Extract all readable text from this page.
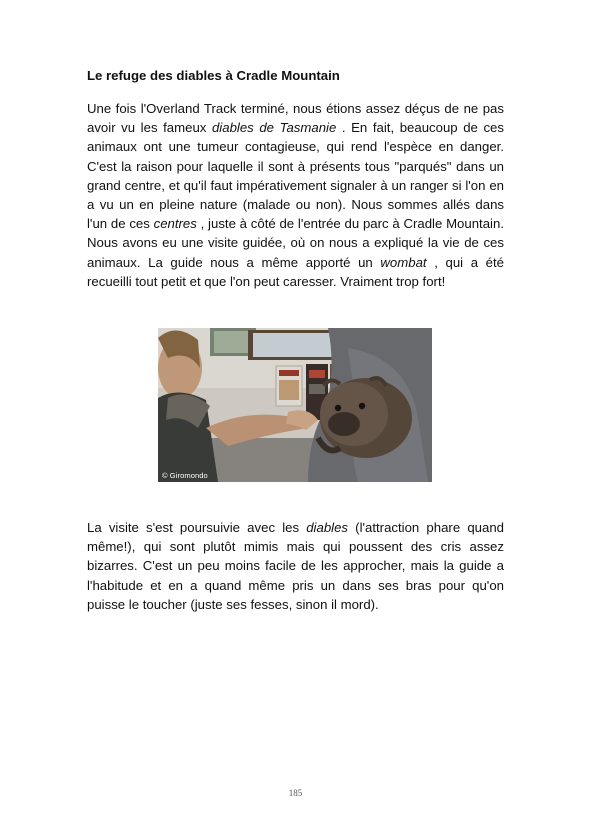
Le refuge des diables à Cradle Mountain

Une fois l'Overland Track terminé, nous étions assez déçus de ne pas avoir vu les fameux diables de Tasmanie . En fait, beaucoup de ces animaux ont une tumeur contagieuse, qui rend l'espèce en danger. C'est la raison pour laquelle il sont à présents tous "parqués" dans un grand centre, et qu'il faut impérativement signaler à un ranger si l'on en a vu un en pleine nature (malade ou non). Nous sommes allés dans l'un de ces centres , juste à côté de l'entrée du parc à Cradle Mountain. Nous avons eu une visite guidée, où on nous a expliqué la vie de ces animaux. La guide nous a même apporté un wombat , qui a été recueilli tout petit et que l'on peut caresser. Vraiment trop fort!

© Giromondo

La visite s'est poursuivie avec les diables (l'attraction phare quand même!), qui sont plutôt mimis mais qui poussent des cris assez bizarres. C'est un peu moins facile de les approcher, mais la guide a l'habitude et en a quand même pris un dans ses bras pour qu'on puisse le toucher (juste ses fesses, sinon il mord).

185
